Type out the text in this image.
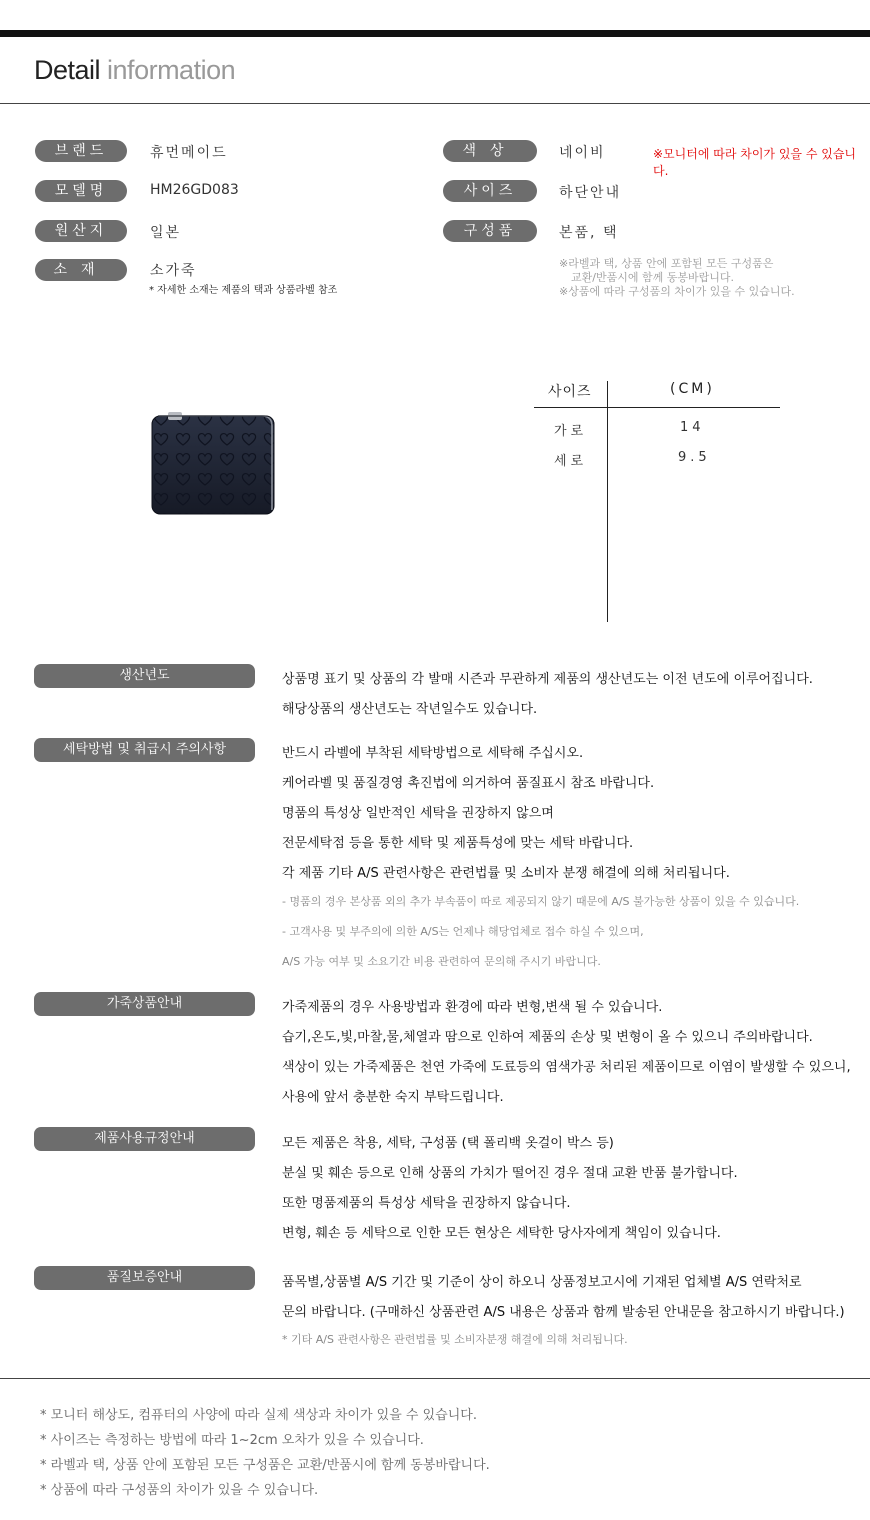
Detail information
브랜드	휴먼메이드
모델명	HM26GD083
원산지	일본
소재	소가죽
* 자세한 소재는 제품의 택과 상품라벨 참조
색상	네이비	※모니터에 따라 차이가 있을 수 있습니다.
사이즈	하단안내
구성품	본품, 택
※라벨과 택, 상품 안에 포함된 모든 구성품은
교환/반품시에 함께 동봉바랍니다.
※상품에 따라 구성품의 차이가 있을 수 있습니다.
사이즈	(CM)
가로	14
세로	9.5
생산년도	상품명 표기 및 상품의 각 발매 시즌과 무관하게 제품의 생산년도는 이전 년도에 이루어집니다.
해당상품의 생산년도는 작년일수도 있습니다.
세탁방법 및 취급시 주의사항	반드시 라벨에 부착된 세탁방법으로 세탁해 주십시오.
케어라벨 및 품질경영 촉진법에 의거하여 품질표시 참조 바랍니다.
명품의 특성상 일반적인 세탁을 권장하지 않으며
전문세탁점 등을 통한 세탁 및 제품특성에 맞는 세탁 바랍니다.
각 제품 기타 A/S 관련사항은 관련법률 및 소비자 분쟁 해결에 의해 처리됩니다.
- 명품의 경우 본상품 외의 추가 부속품이 따로 제공되지 않기 때문에 A/S 불가능한 상품이 있을 수 있습니다.
- 고객사용 및 부주의에 의한 A/S는 언제나 해당업체로 접수 하실 수 있으며,
A/S 가능 여부 및 소요기간 비용 관련하여 문의해 주시기 바랍니다.
가죽상품안내	가죽제품의 경우 사용방법과 환경에 따라 변형,변색 될 수 있습니다.
습기,온도,빛,마찰,물,체열과 땀으로 인하여 제품의 손상 및 변형이 올 수 있으니 주의바랍니다.
색상이 있는 가죽제품은 천연 가죽에 도료등의 염색가공 처리된 제품이므로 이염이 발생할 수 있으니,
사용에 앞서 충분한 숙지 부탁드립니다.
제품사용규정안내	모든 제품은 착용, 세탁, 구성품 (택 폴리백 옷걸이 박스 등)
분실 및 훼손 등으로 인해 상품의 가치가 떨어진 경우 절대 교환 반품 불가합니다.
또한 명품제품의 특성상 세탁을 권장하지 않습니다.
변형, 훼손 등 세탁으로 인한 모든 현상은 세탁한 당사자에게 책임이 있습니다.
품질보증안내	품목별,상품별 A/S 기간 및 기준이 상이 하오니 상품정보고시에 기재된 업체별 A/S 연락처로
문의 바랍니다. (구매하신 상품관련 A/S 내용은 상품과 함께 발송된 안내문을 참고하시기 바랍니다.)
* 기타 A/S 관련사항은 관련법률 및 소비자분쟁 해결에 의해 처리됩니다.
* 모니터 해상도, 컴퓨터의 사양에 따라 실제 색상과 차이가 있을 수 있습니다.
* 사이즈는 측정하는 방법에 따라 1~2cm 오차가 있을 수 있습니다.
* 라벨과 택, 상품 안에 포함된 모든 구성품은 교환/반품시에 함께 동봉바랍니다.
* 상품에 따라 구성품의 차이가 있을 수 있습니다.
